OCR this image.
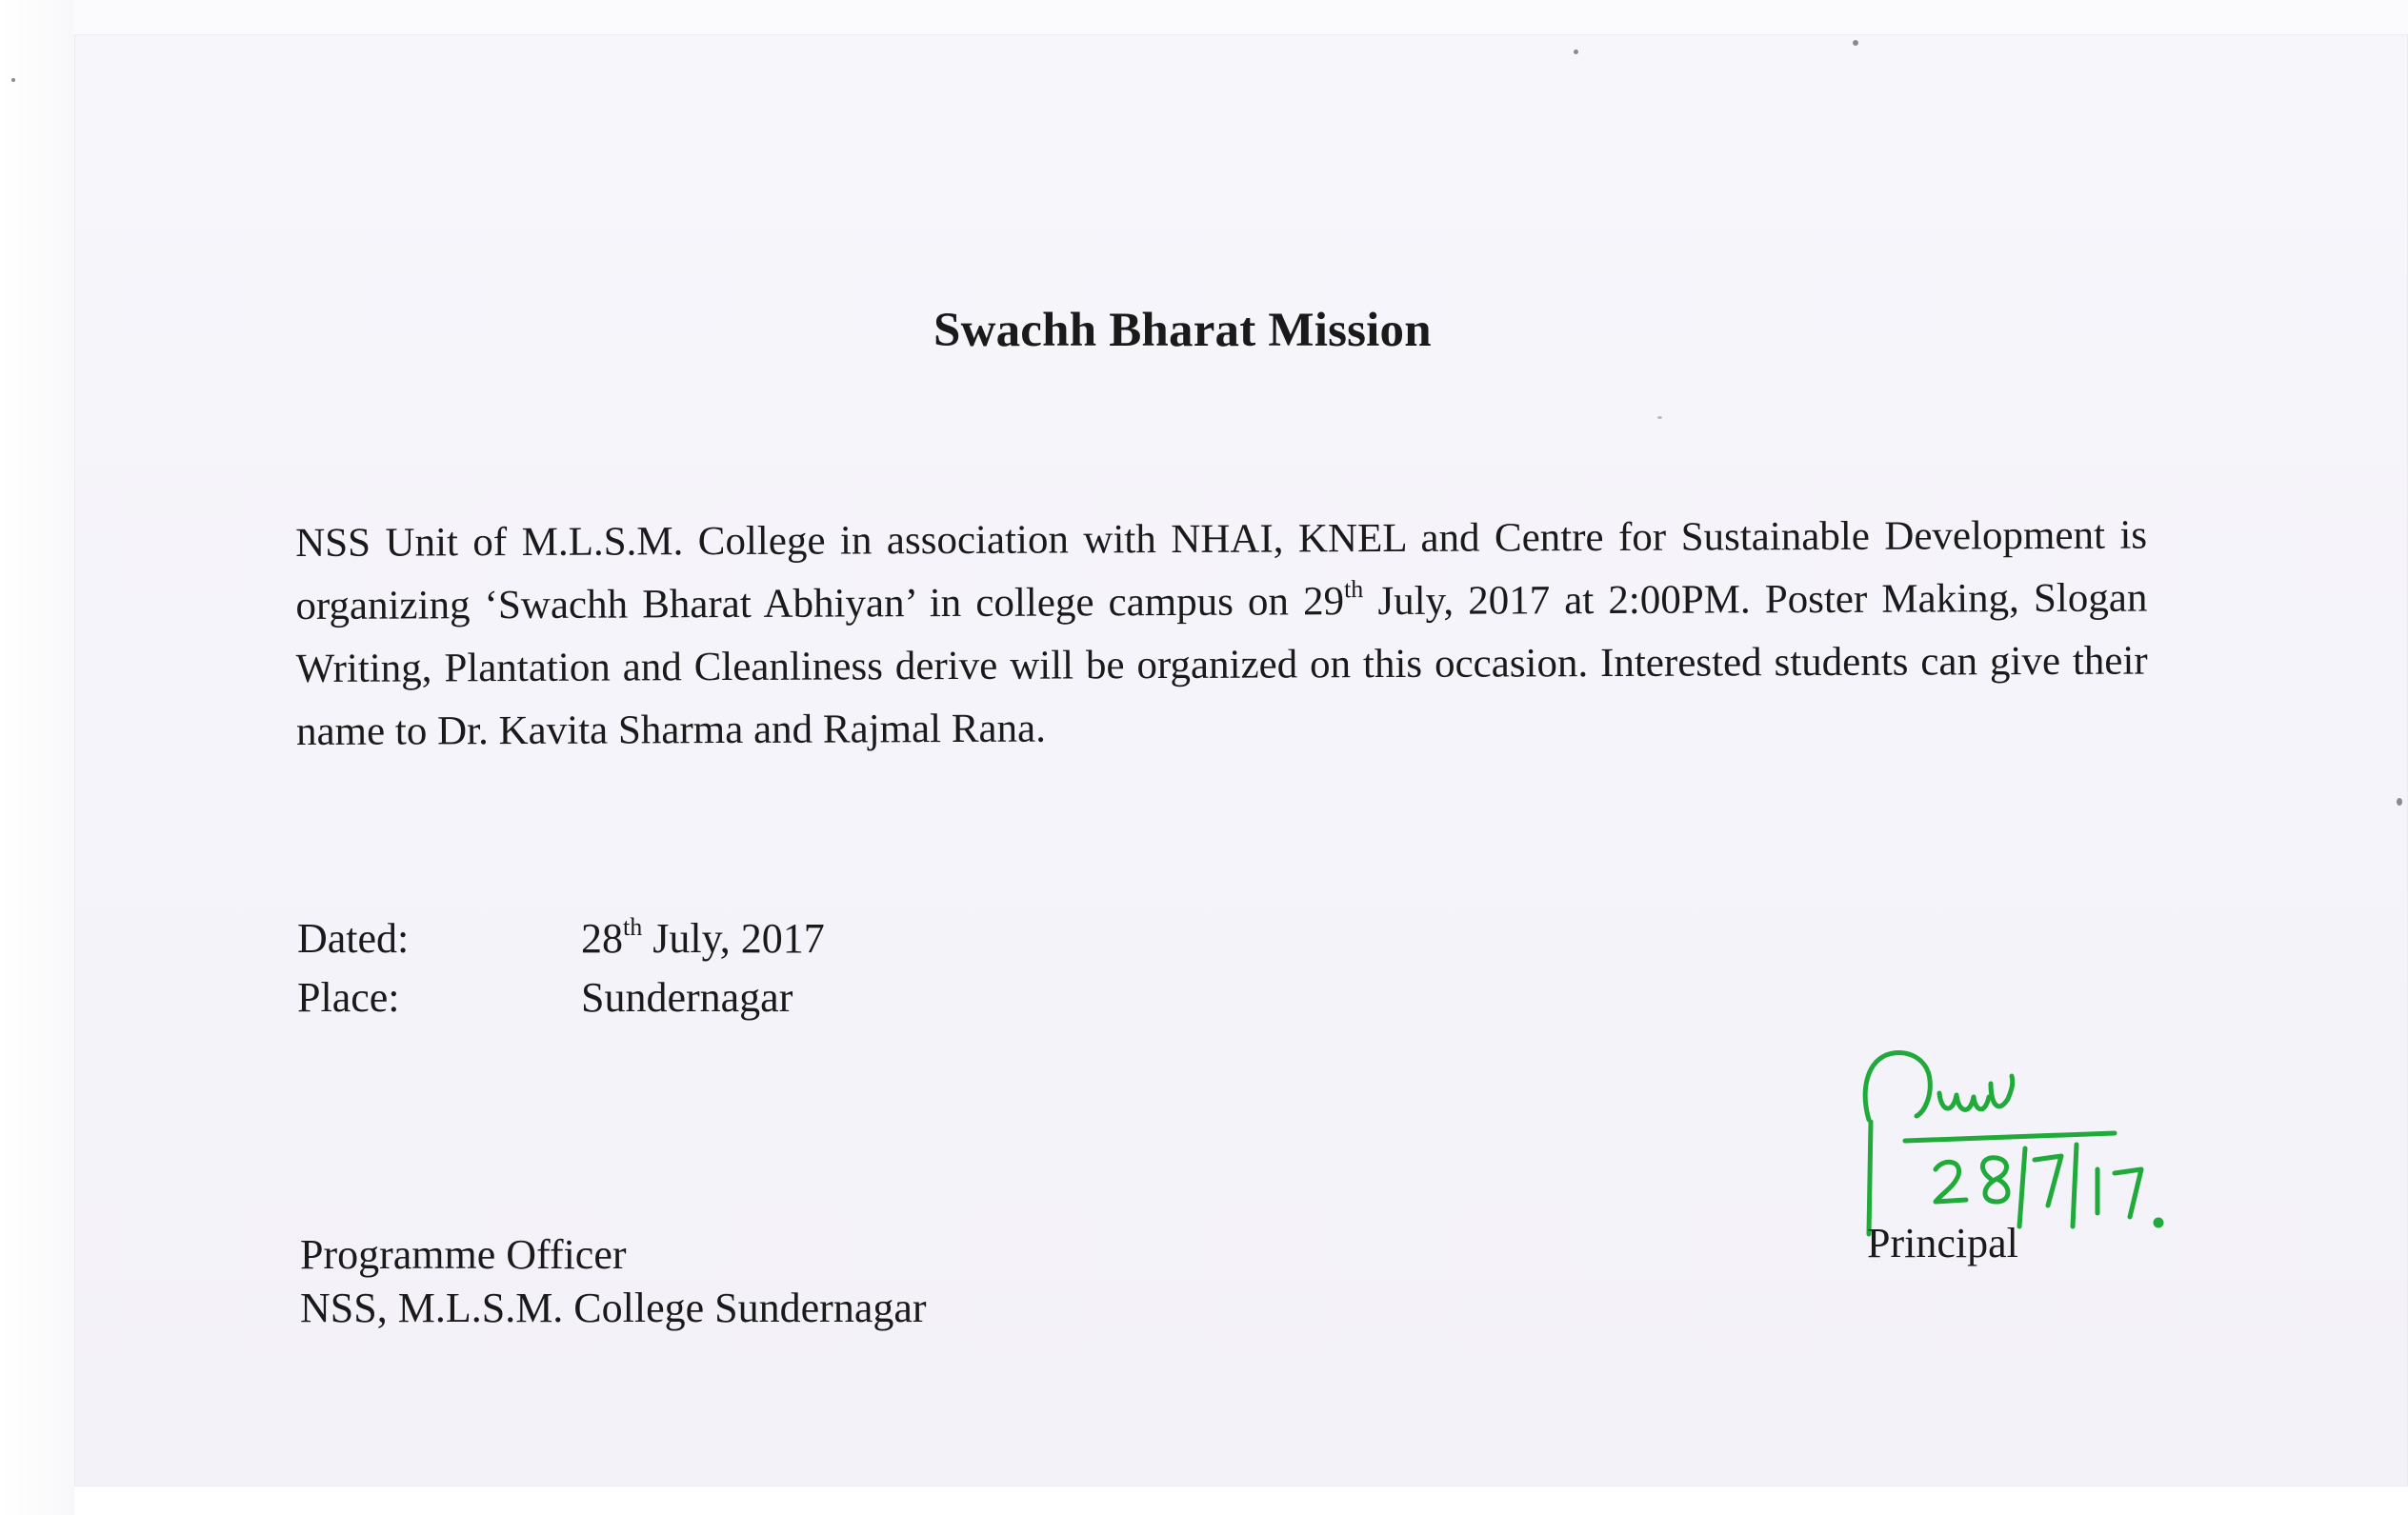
Swachh Bharat Mission
NSS Unit of M.L.S.M. College in association with NHAI, KNEL and Centre for Sustainable Development is organizing ‘Swachh Bharat Abhiyan’ in college campus on 29th July, 2017 at 2:00PM. Poster Making, Slogan Writing, Plantation and Cleanliness derive will be organized on this occasion. Interested students can give their name to Dr. Kavita Sharma and Rajmal Rana.
Dated:	28th July, 2017
Place:	Sundernagar
Principal
Programme Officer
NSS, M.L.S.M. College Sundernagar
